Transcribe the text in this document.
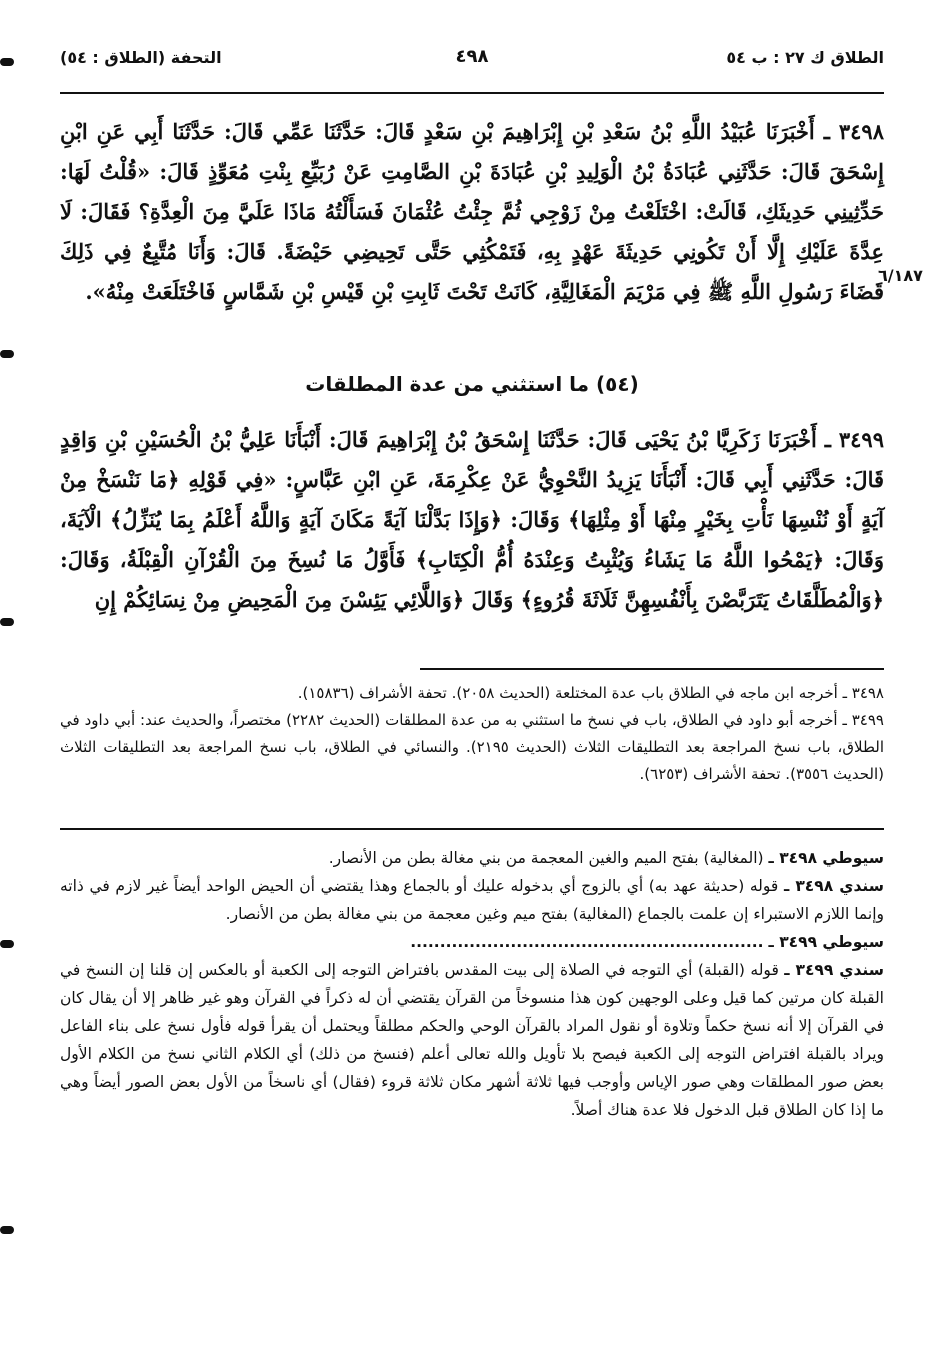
الطلاق ك ٢٧ : ب ٥٤
٤٩٨
التحفة (الطلاق : ٥٤)

٣٤٩٨ ـ أَخْبَرَنَا عُبَيْدُ اللَّهِ بْنُ سَعْدِ بْنِ إِبْرَاهِيمَ بْنِ سَعْدٍ قَالَ: حَدَّثَنَا عَمِّي قَالَ: حَدَّثَنَا أَبِي عَنِ ابْنِ إِسْحَقَ قَالَ: حَدَّثَنِي عُبَادَةُ بْنُ الْوَلِيدِ بْنِ عُبَادَةَ بْنِ الصَّامِتِ عَنْ رُبَيِّعِ بِنْتِ مُعَوِّذٍ قَالَ: «قُلْتُ لَهَا: حَدِّثِينِي حَدِيثَكِ، قَالَتْ: اخْتَلَعْتُ مِنْ زَوْجِي ثُمَّ جِئْتُ عُثْمَانَ فَسَأَلْتُهُ مَاذَا عَلَيَّ مِنَ الْعِدَّةِ؟ فَقَالَ: لَا عِدَّةَ عَلَيْكِ إِلَّا أَنْ تَكُونِي حَدِيثَةَ عَهْدٍ بِهِ، فَتَمْكُثِي حَتَّى تَحِيضِي حَيْضَةً. قَالَ: وَأَنَا مُتَّبِعٌ فِي ذَلِكَ قَضَاءَ رَسُولِ اللَّهِ ﷺ فِي مَرْيَمَ الْمَغَالِيَّةِ، كَانَتْ تَحْتَ ثَابِتِ بْنِ قَيْسِ بْنِ شَمَّاسٍ فَاخْتَلَعَتْ مِنْهُ».

٦/١٨٧
(٥٤) ما استثني من عدة المطلقات

٣٤٩٩ ـ أَخْبَرَنَا زَكَرِيَّا بْنُ يَحْيَى قَالَ: حَدَّثَنَا إِسْحَقُ بْنُ إِبْرَاهِيمَ قَالَ: أَنْبَأَنَا عَلِيُّ بْنُ الْحُسَيْنِ بْنِ وَاقِدٍ قَالَ: حَدَّثَنِي أَبِي قَالَ: أَنْبَأَنَا يَزِيدُ النَّحْوِيُّ عَنْ عِكْرِمَةَ، عَنِ ابْنِ عَبَّاسٍ: «فِي قَوْلِهِ ﴿مَا نَنْسَخْ مِنْ آيَةٍ أَوْ نُنْسِهَا نَأْتِ بِخَيْرٍ مِنْهَا أَوْ مِثْلِهَا﴾ وَقَالَ: ﴿وَإِذَا بَدَّلْنَا آيَةً مَكَانَ آيَةٍ وَاللَّهُ أَعْلَمُ بِمَا يُنَزِّلُ﴾ الْآيَةَ، وَقَالَ: ﴿يَمْحُوا اللَّهُ مَا يَشَاءُ وَيُثْبِتُ وَعِنْدَهُ أُمُّ الْكِتَابِ﴾ فَأَوَّلُ مَا نُسِخَ مِنَ الْقُرْآنِ الْقِبْلَةُ، وَقَالَ: ﴿وَالْمُطَلَّقَاتُ يَتَرَبَّصْنَ بِأَنْفُسِهِنَّ ثَلَاثَةَ قُرُوءٍ﴾ وَقَالَ ﴿وَاللَّائِي يَئِسْنَ مِنَ الْمَحِيضِ مِنْ نِسَائِكُمْ إِنِ

٣٤٩٨ ـ أخرجه ابن ماجه في الطلاق باب عدة المختلعة (الحديث ٢٠٥٨). تحفة الأشراف (١٥٨٣٦).

٣٤٩٩ ـ أخرجه أبو داود في الطلاق، باب في نسخ ما استثني به من عدة المطلقات (الحديث ٢٢٨٢) مختصراً، والحديث عند: أبي داود في الطلاق، باب نسخ المراجعة بعد التطليقات الثلاث (الحديث ٢١٩٥). والنسائي في الطلاق، باب نسخ المراجعة بعد التطليقات الثلاث (الحديث ٣٥٥٦). تحفة الأشراف (٦٢٥٣).

سيوطي ٣٤٩٨ ـ (المغالية) بفتح الميم والغين المعجمة من بني مغالة بطن من الأنصار.

سندي ٣٤٩٨ ـ قوله (حديثة عهد به) أي بالزوج أي بدخوله عليك أو بالجماع وهذا يقتضي أن الحيض الواحد أيضاً غير لازم في ذاته وإنما اللازم الاستبراء إن علمت بالجماع (المغالية) بفتح ميم وغين معجمة من بني مغالة بطن من الأنصار.

سيوطي ٣٤٩٩ ـ ............................................................

سندي ٣٤٩٩ ـ قوله (القبلة) أي التوجه في الصلاة إلى بيت المقدس بافتراض التوجه إلى الكعبة أو بالعكس إن قلنا إن النسخ في القبلة كان مرتين كما قيل وعلى الوجهين كون هذا منسوخاً من القرآن يقتضي أن له ذكراً في القرآن وهو غير ظاهر إلا أن يقال كان في القرآن إلا أنه نسخ حكماً وتلاوة أو نقول المراد بالقرآن الوحي والحكم مطلقاً ويحتمل أن يقرأ قوله فأول نسخ على بناء الفاعل ويراد بالقبلة افتراض التوجه إلى الكعبة فيصح بلا تأويل والله تعالى أعلم (فنسخ من ذلك) أي الكلام الثاني نسخ من الكلام الأول بعض صور المطلقات وهي صور الإياس وأوجب فيها ثلاثة أشهر مكان ثلاثة قروء (فقال) أي ناسخاً من الأول بعض الصور أيضاً وهي ما إذا كان الطلاق قبل الدخول فلا عدة هناك أصلاً.
